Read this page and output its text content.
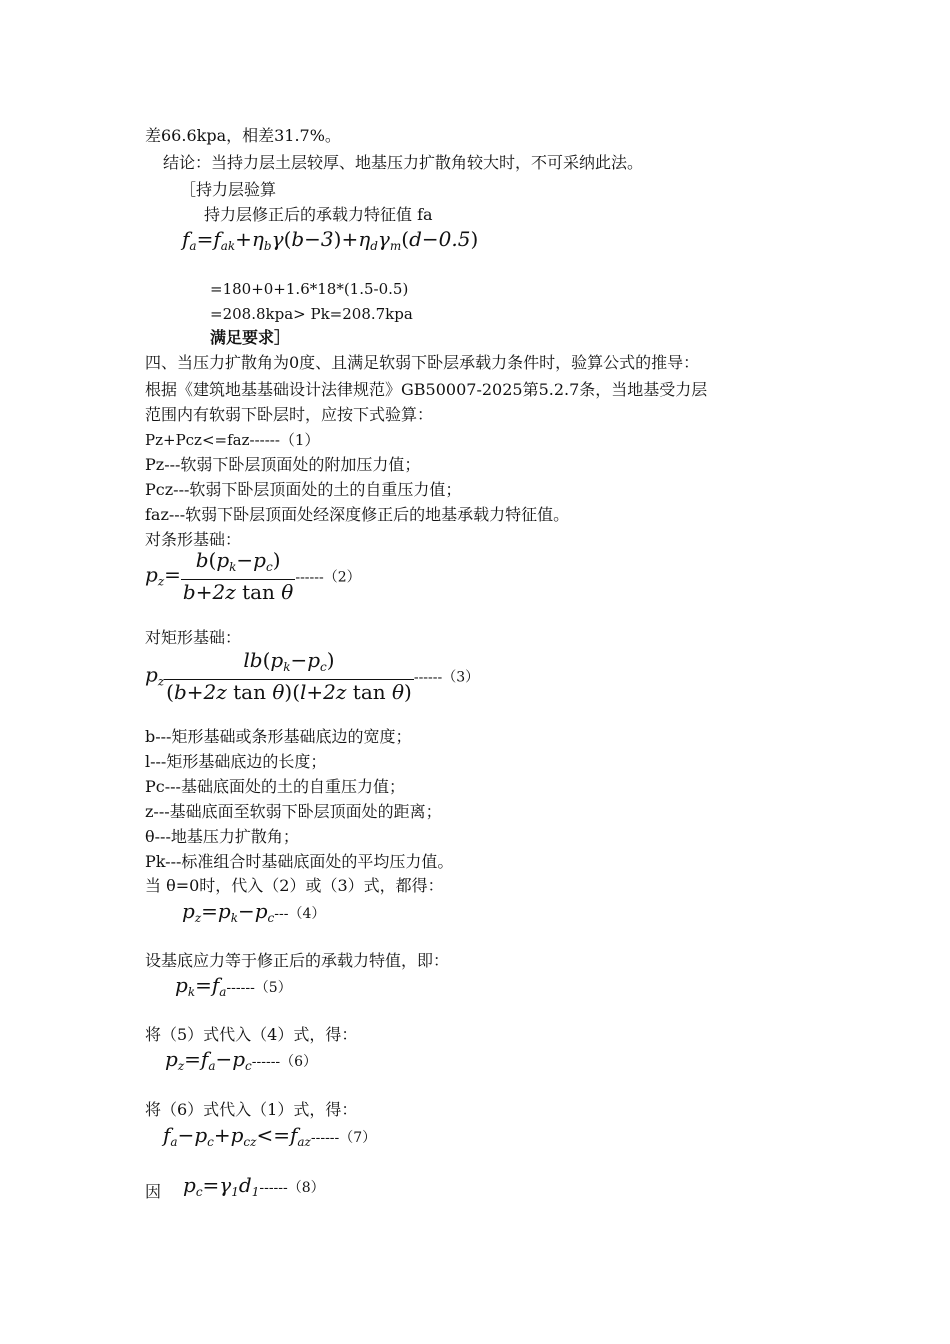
差66.6kpa，相差31.7%。
结论：当持力层土层较厚、地基压力扩散角较大时，不可采纳此法。
［持力层验算
持力层修正后的承载力特征值 fa
$f_a=f_{ak}+\eta_b\gamma(b-3)+\eta_d\gamma_m(d-0.5)$
=180+0+1.6*18*(1.5-0.5)
=208.8kpa> Pk=208.7kpa
满足要求］
四、当压力扩散角为0度、且满足软弱下卧层承载力条件时，验算公式的推导：
根据《建筑地基基础设计法律规范》GB50007-2025第5.2.7条，当地基受力层
范围内有软弱下卧层时，应按下式验算：
Pz+Pcz<=faz------（1）
Pz---软弱下卧层顶面处的附加压力值；
Pcz---软弱下卧层顶面处的土的自重压力值；
faz---软弱下卧层顶面处经深度修正后的地基承载力特征值。
对条形基础：
$p_z= \frac{b(p_k-p_c)}{\text{b+2z tan θ}} ------(2)$
对矩形基础：
$p_z \frac{lb(p_k-p_c)}{\text{(b+2z tan θ)(l+2z tan θ)}} ------(3)$
b---矩形基础或条形基础底边的宽度；
l---矩形基础底边的长度；
Pc---基础底面处的土的自重压力值；
z---基础底面至软弱下卧层顶面处的距离；
θ---地基压力扩散角；
Pk---标准组合时基础底面处的平均压力值。
当 θ=0时，代入（2）或（3）式，都得：
$p_z=p_k-p_c---(4)$
设基底应力等于修正后的承载力特值，即：
$p_k=f_a------(5)$
将（5）式代入（4）式，得：
$p_z=f_a-p_c------(6)$
将（6）式代入（1）式，得：
$f_a-p_c+p_{cz}<=f_{az}------(7)$
因 $p_c=\gamma_1d_1------(8)$
